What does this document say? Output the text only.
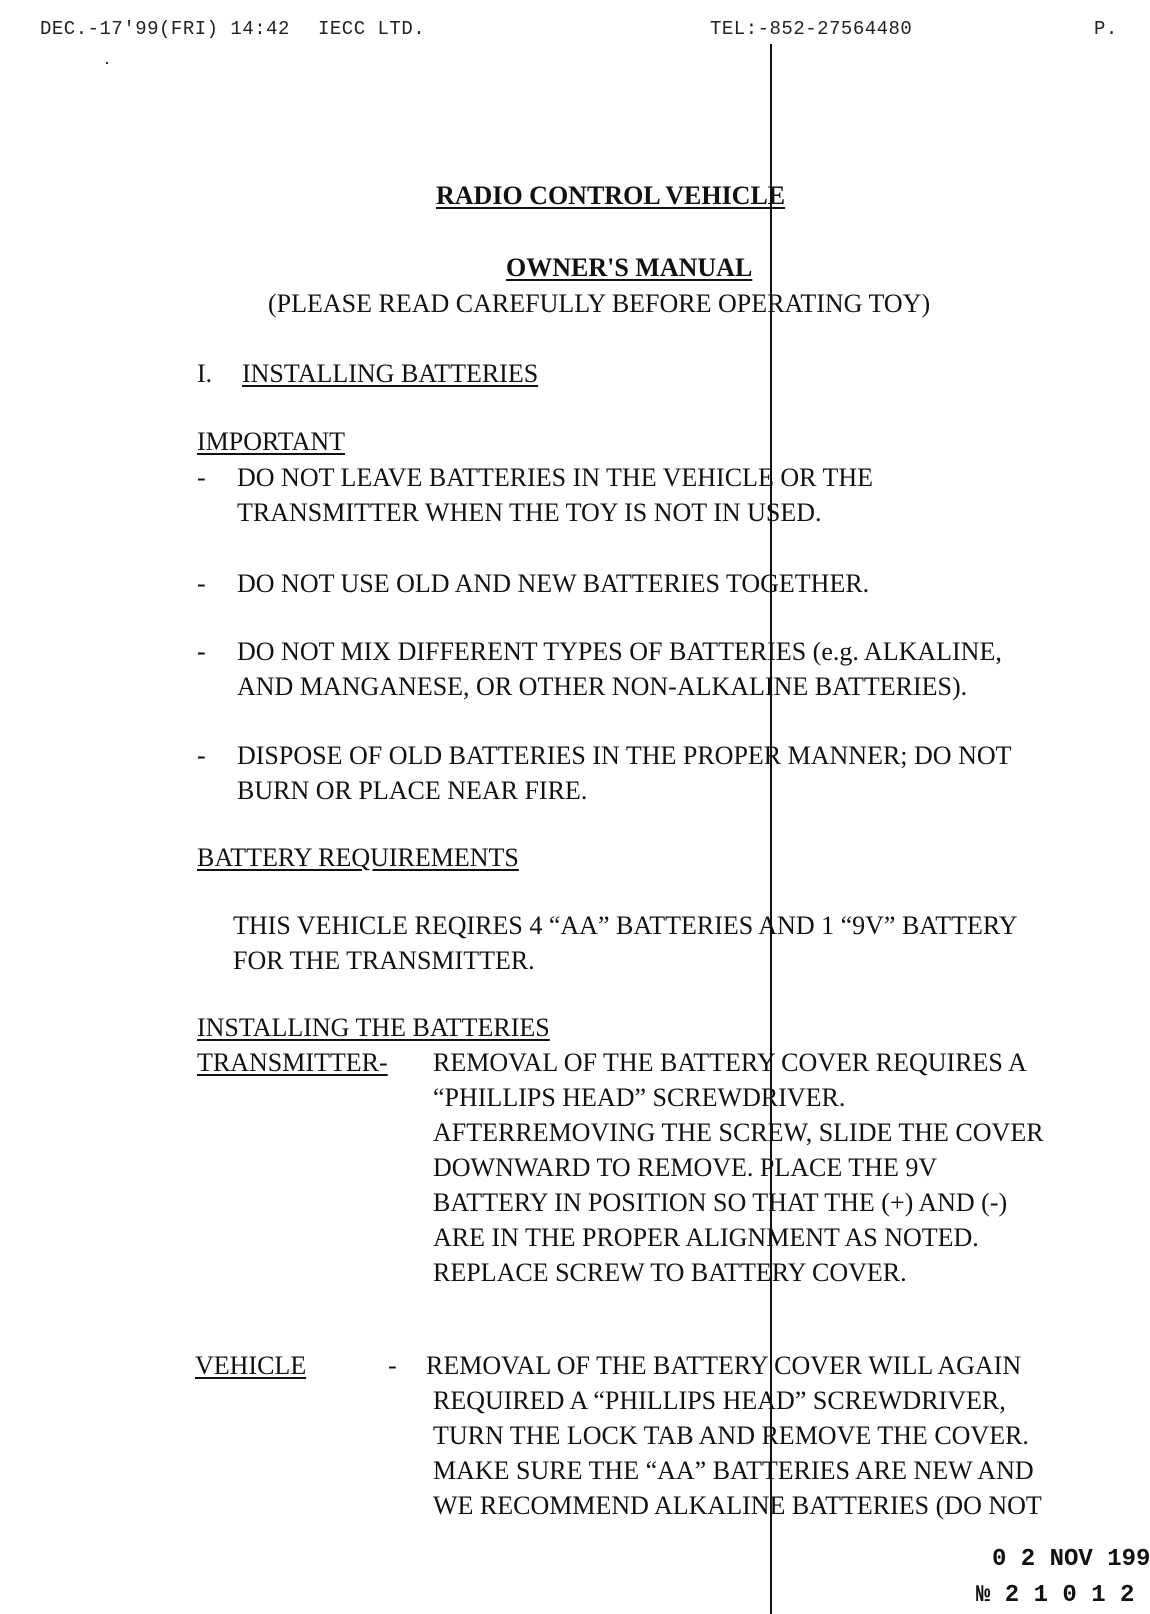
DEC.-17'99(FRI) 14:42 IECC LTD.	TEL:-852-27564480	P.
RADIO CONTROL VEHICLE
OWNER'S MANUAL
(PLEASE READ CAREFULLY BEFORE OPERATING TOY)
I. INSTALLING BATTERIES
IMPORTANT
- DO NOT LEAVE BATTERIES IN THE VEHICLE OR THE
TRANSMITTER WHEN THE TOY IS NOT IN USED.
- DO NOT USE OLD AND NEW BATTERIES TOGETHER.
- DO NOT MIX DIFFERENT TYPES OF BATTERIES (e.g. ALKALINE,
AND MANGANESE, OR OTHER NON-ALKALINE BATTERIES).
- DISPOSE OF OLD BATTERIES IN THE PROPER MANNER; DO NOT
BURN OR PLACE NEAR FIRE.
BATTERY REQUIREMENTS
THIS VEHICLE REQIRES 4 “AA” BATTERIES AND 1 “9V” BATTERY
FOR THE TRANSMITTER.
INSTALLING THE BATTERIES
TRANSMITTER- REMOVAL OF THE BATTERY COVER REQUIRES A
“PHILLIPS HEAD” SCREWDRIVER.
AFTERREMOVING THE SCREW, SLIDE THE COVER
DOWNWARD TO REMOVE. PLACE THE 9V
BATTERY IN POSITION SO THAT THE (+) AND (-)
ARE IN THE PROPER ALIGNMENT AS NOTED.
REPLACE SCREW TO BATTERY COVER.
VEHICLE	- REMOVAL OF THE BATTERY COVER WILL AGAIN
REQUIRED A “PHILLIPS HEAD” SCREWDRIVER,
TURN THE LOCK TAB AND REMOVE THE COVER.
MAKE SURE THE “AA” BATTERIES ARE NEW AND
WE RECOMMEND ALKALINE BATTERIES (DO NOT
0 2 NOV 199
№ 2 1 0 1 2
